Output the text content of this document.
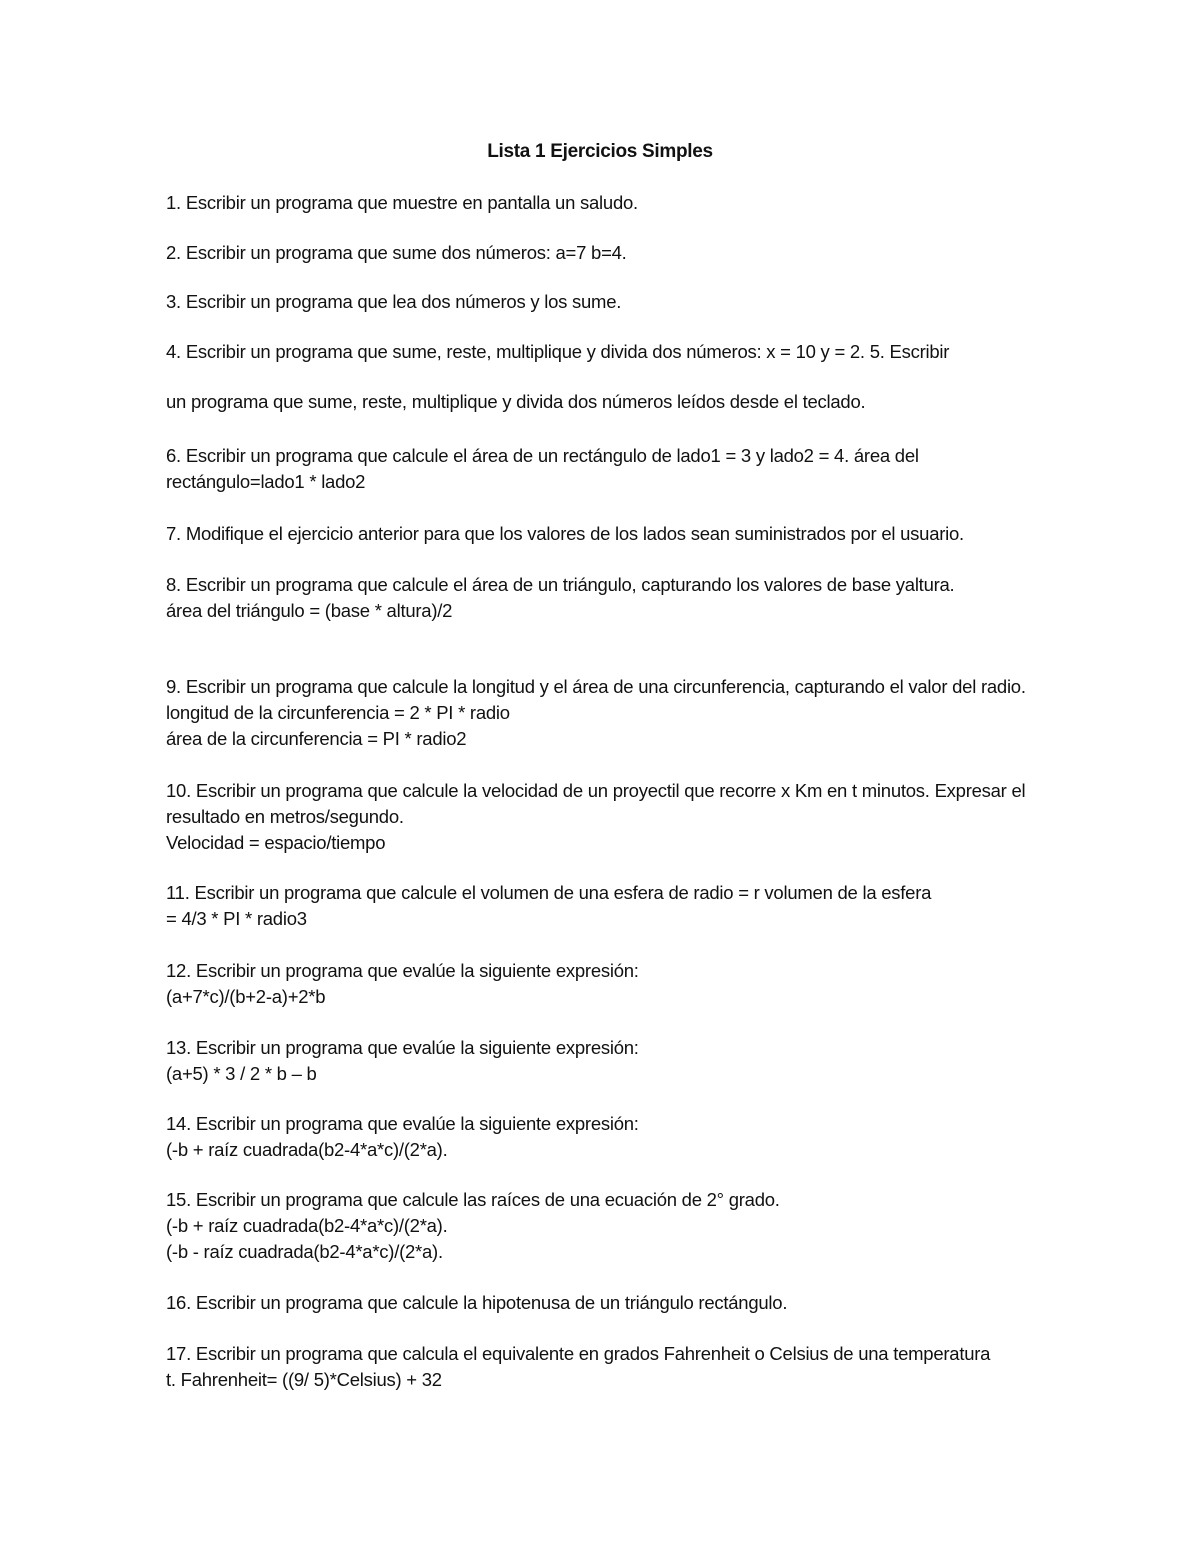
Lista 1 Ejercicios Simples
1. Escribir un programa que muestre en pantalla un saludo.
2. Escribir un programa que sume dos números: a=7 b=4.
3. Escribir un programa que lea dos números y los sume.
4. Escribir un programa que sume, reste, multiplique y divida dos números: x = 10 y = 2. 5. Escribir
un programa que sume, reste, multiplique y divida dos números leídos desde el teclado.
6. Escribir un programa que calcule el área de un rectángulo de lado1 = 3 y lado2 = 4. área del
rectángulo=lado1 * lado2
7. Modifique el ejercicio anterior para que los valores de los lados sean suministrados por el usuario.
8. Escribir un programa que calcule el área de un triángulo, capturando los valores de base yaltura.
área del triángulo = (base * altura)/2
9. Escribir un programa que calcule la longitud y el área de una circunferencia, capturando el valor del radio.
longitud de la circunferencia = 2 * PI * radio
área de la circunferencia = PI * radio2
10. Escribir un programa que calcule la velocidad de un proyectil que recorre x Km en t minutos. Expresar el
resultado en metros/segundo.
Velocidad = espacio/tiempo
11. Escribir un programa que calcule el volumen de una esfera de radio = r volumen de la esfera
= 4/3 * PI * radio3
12. Escribir un programa que evalúe la siguiente expresión:
(a+7*c)/(b+2-a)+2*b
13. Escribir un programa que evalúe la siguiente expresión:
(a+5) * 3 / 2 * b – b
14. Escribir un programa que evalúe la siguiente expresión:
(-b + raíz cuadrada(b2-4*a*c)/(2*a).
15. Escribir un programa que calcule las raíces de una ecuación de 2° grado.
(-b + raíz cuadrada(b2-4*a*c)/(2*a).
(-b - raíz cuadrada(b2-4*a*c)/(2*a).
16. Escribir un programa que calcule la hipotenusa de un triángulo rectángulo.
17. Escribir un programa que calcula el equivalente en grados Fahrenheit o Celsius de una temperatura
t. Fahrenheit= ((9/ 5)*Celsius) + 32
